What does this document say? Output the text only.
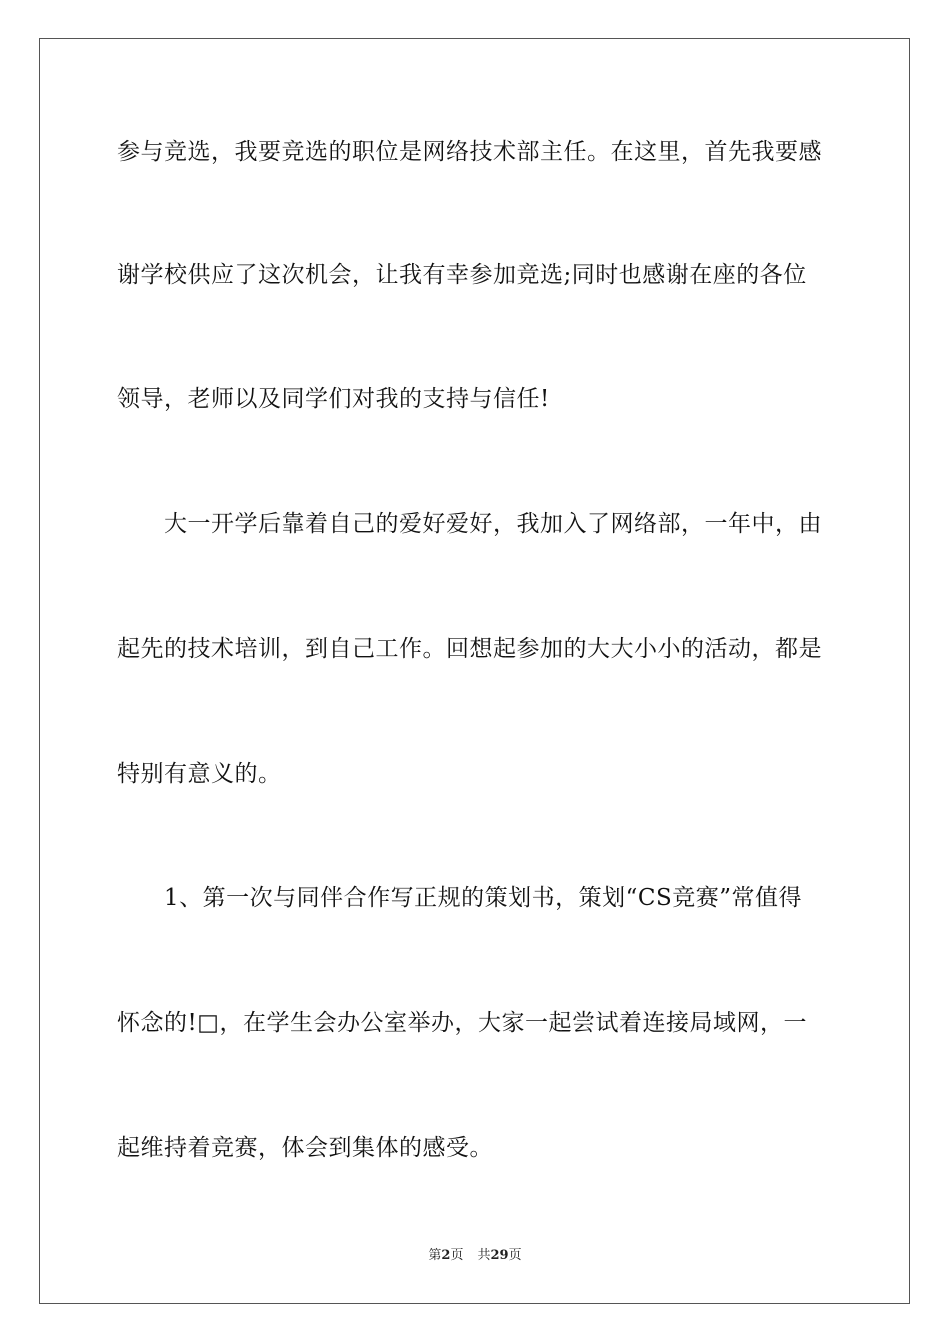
参与竞选，我要竞选的职位是网络技术部主任。在这里，首先我要感
谢学校供应了这次机会，让我有幸参加竞选;同时也感谢在座的各位
领导，老师以及同学们对我的支持与信任!
大一开学后靠着自己的爱好爱好，我加入了网络部，一年中，由
起先的技术培训，到自己工作。回想起参加的大大小小的活动，都是
特别有意义的。
1、第一次与同伴合作写正规的策划书，策划“CS竞赛”常值得
怀念的!□，在学生会办公室举办，大家一起尝试着连接局域网，一
起维持着竞赛，体会到集体的感受。
第2页 共29页
